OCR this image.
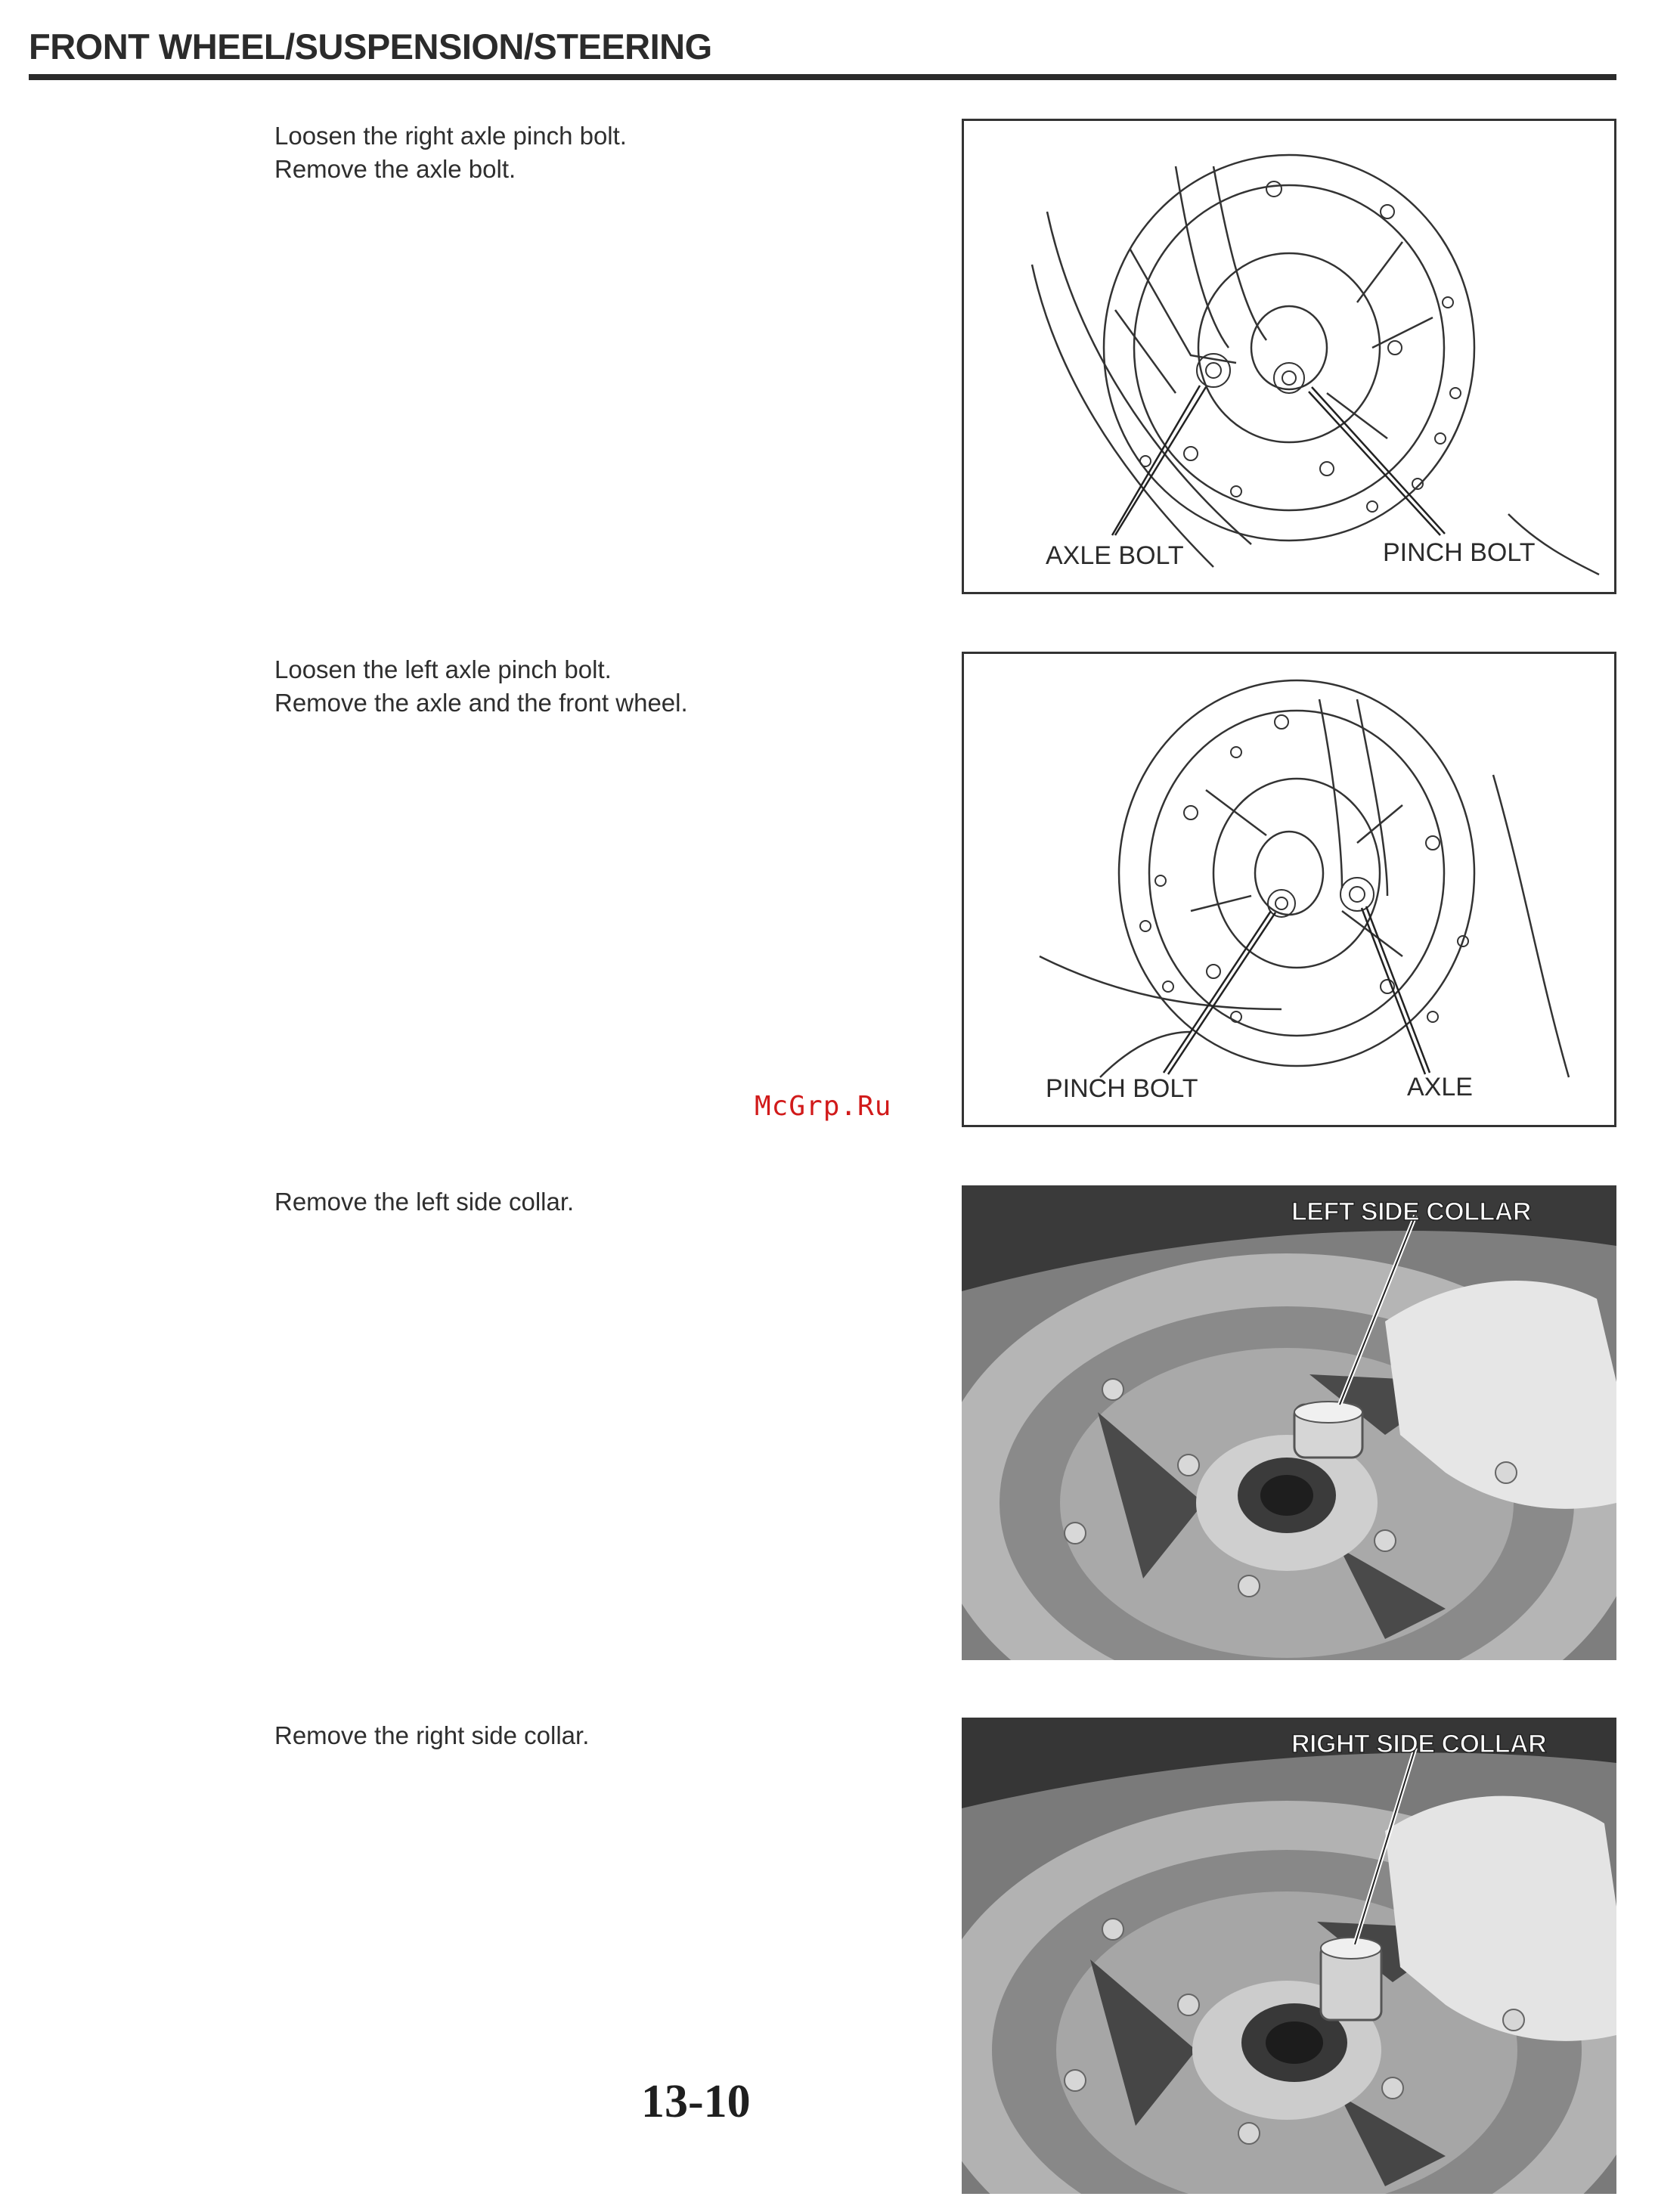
FRONT WHEEL/SUSPENSION/STEERING
Loosen the right axle pinch bolt.
Remove the axle bolt.
AXLE BOLT	PINCH BOLT
Loosen the left axle pinch bolt.
Remove the axle and the front wheel.
PINCH BOLT	AXLE
McGrp.Ru
Remove the left side collar.	LEFT SIDE COLLAR
Remove the right side collar.	RIGHT SIDE COLLAR
13-10
